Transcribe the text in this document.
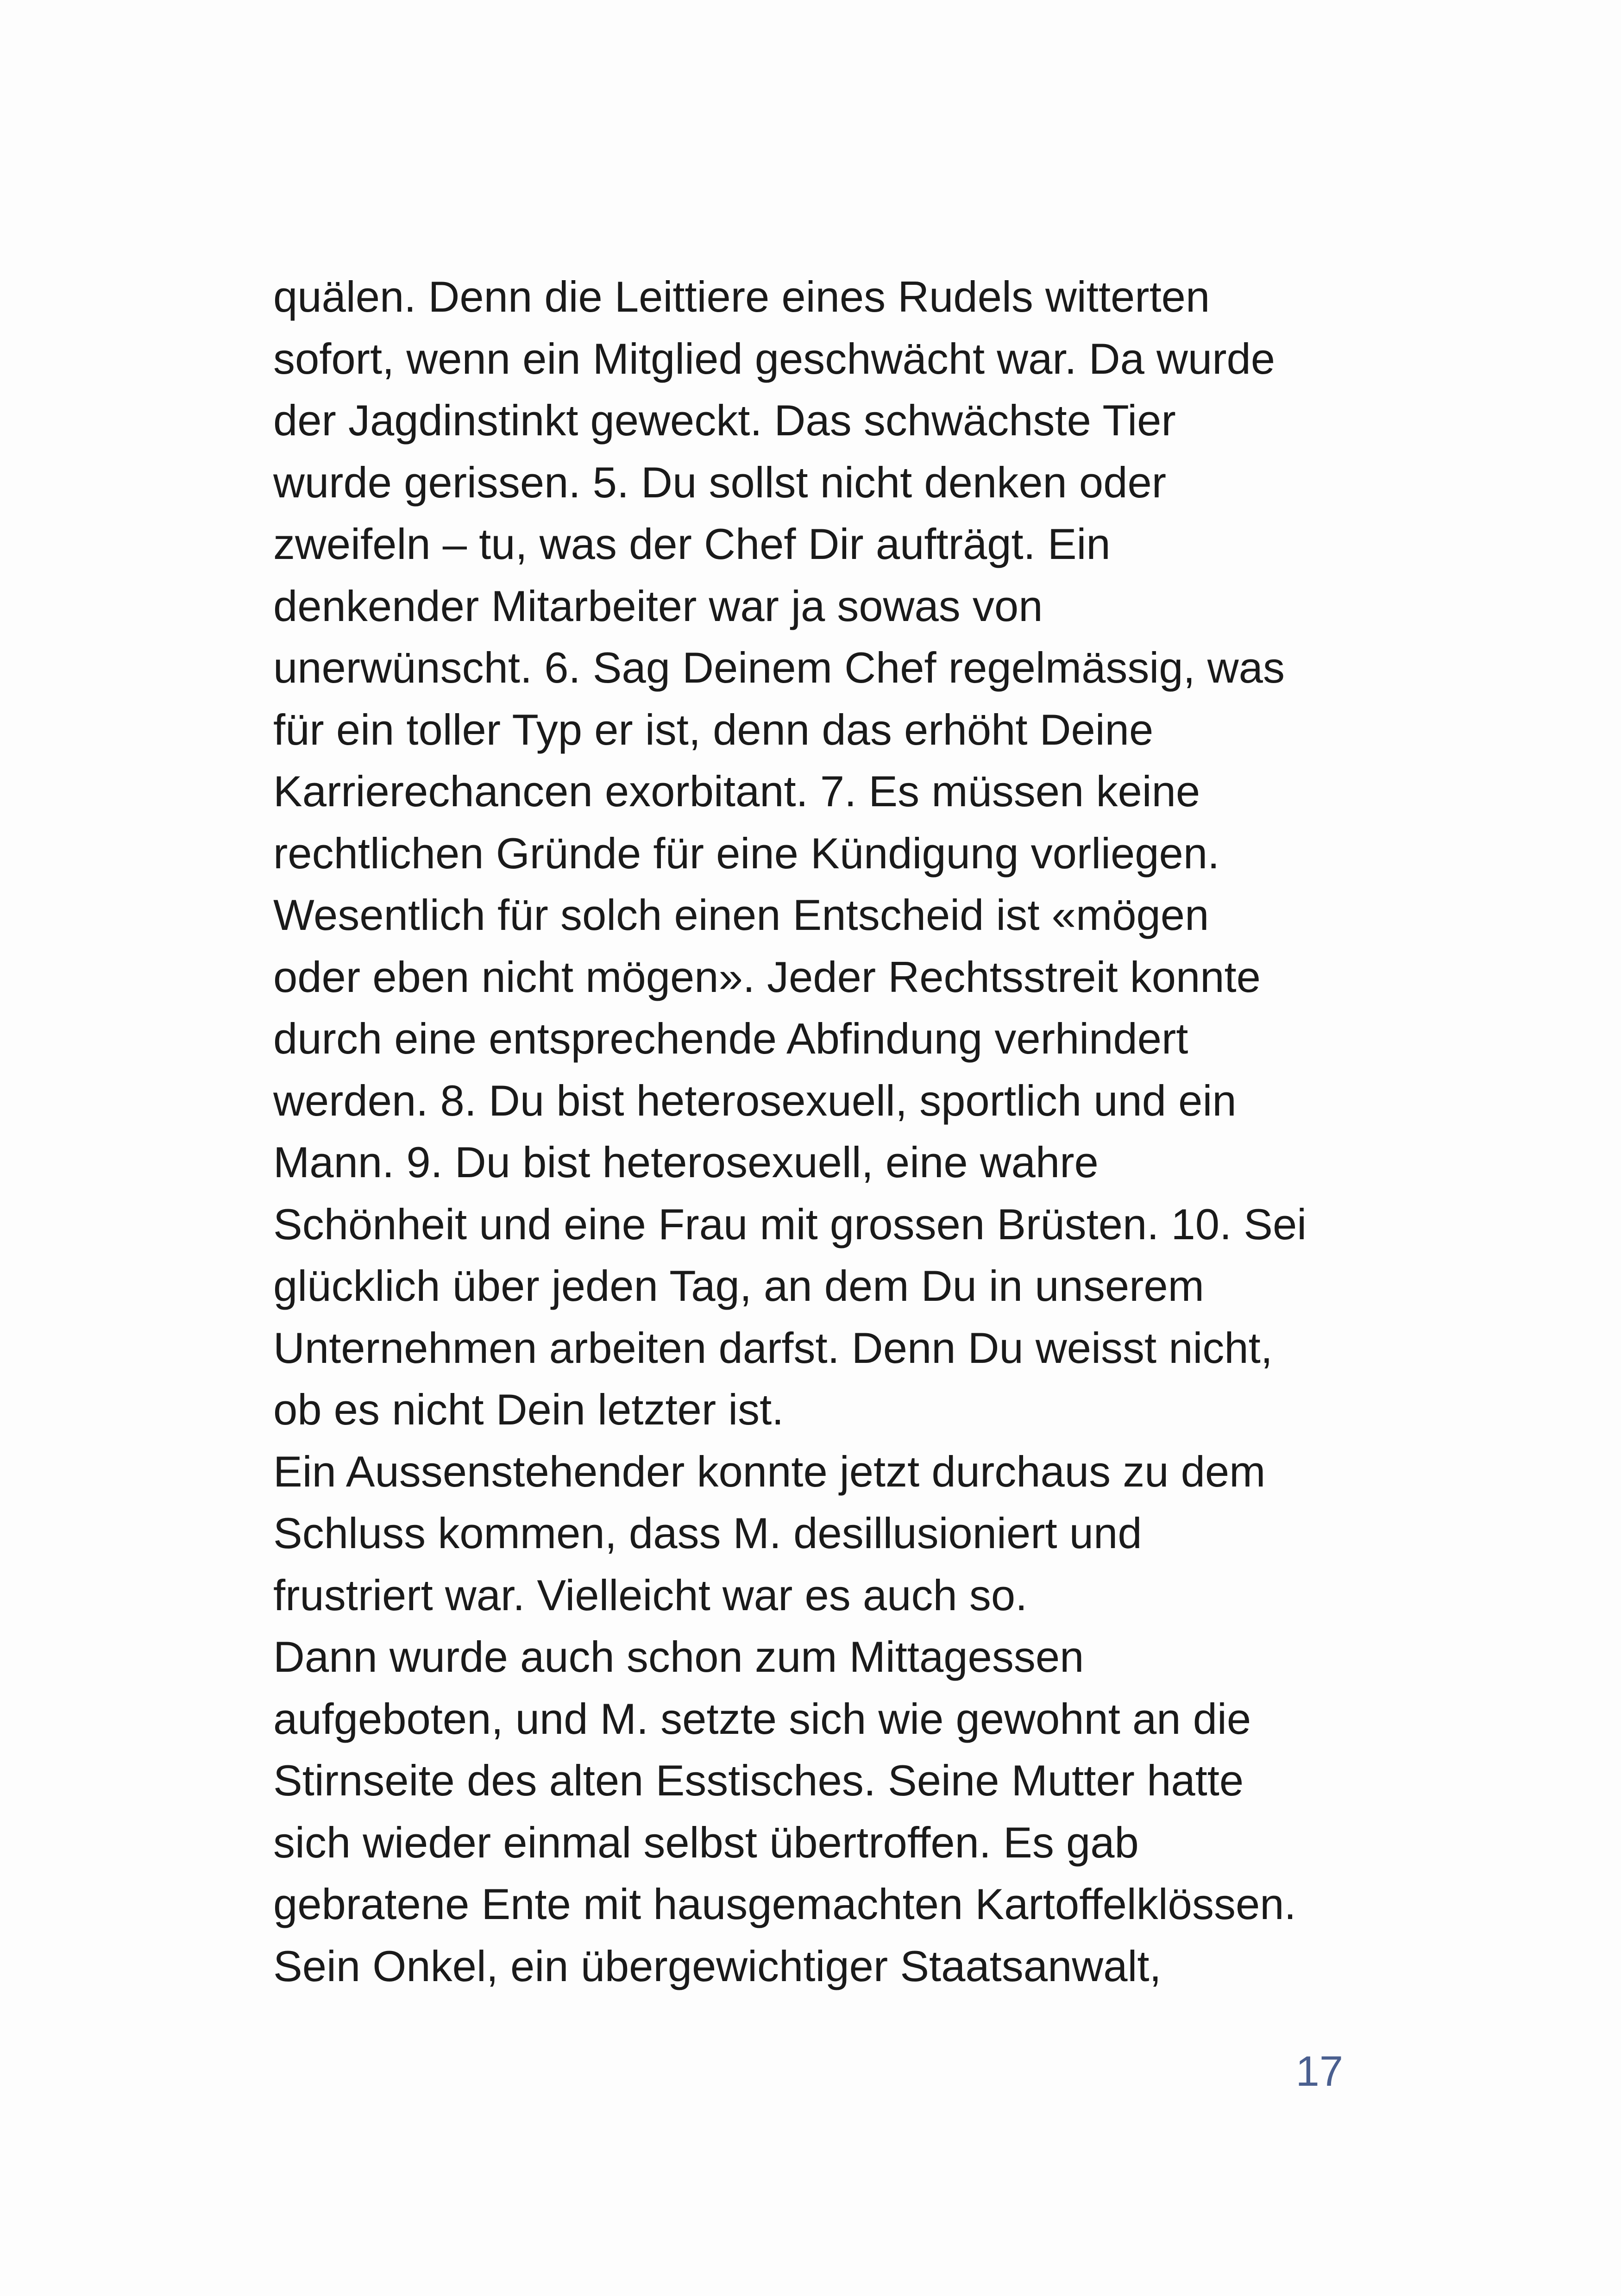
quälen. Denn die Leittiere eines Rudels witterten
sofort, wenn ein Mitglied geschwächt war. Da wurde
der Jagdinstinkt geweckt. Das schwächste Tier
wurde gerissen. 5. Du sollst nicht denken oder
zweifeln – tu, was der Chef Dir aufträgt. Ein
denkender Mitarbeiter war ja sowas von
unerwünscht. 6. Sag Deinem Chef regelmässig, was
für ein toller Typ er ist, denn das erhöht Deine
Karrierechancen exorbitant. 7. Es müssen keine
rechtlichen Gründe für eine Kündigung vorliegen.
Wesentlich für solch einen Entscheid ist «mögen
oder eben nicht mögen». Jeder Rechtsstreit konnte
durch eine entsprechende Abfindung verhindert
werden. 8. Du bist heterosexuell, sportlich und ein
Mann. 9. Du bist heterosexuell, eine wahre
Schönheit und eine Frau mit grossen Brüsten. 10. Sei
glücklich über jeden Tag, an dem Du in unserem
Unternehmen arbeiten darfst. Denn Du weisst nicht,
ob es nicht Dein letzter ist.
Ein Aussenstehender konnte jetzt durchaus zu dem
Schluss kommen, dass M. desillusioniert und
frustriert war. Vielleicht war es auch so.
Dann wurde auch schon zum Mittagessen
aufgeboten, und M. setzte sich wie gewohnt an die
Stirnseite des alten Esstisches. Seine Mutter hatte
sich wieder einmal selbst übertroffen. Es gab
gebratene Ente mit hausgemachten Kartoffelklössen.
Sein Onkel, ein übergewichtiger Staatsanwalt,
17
